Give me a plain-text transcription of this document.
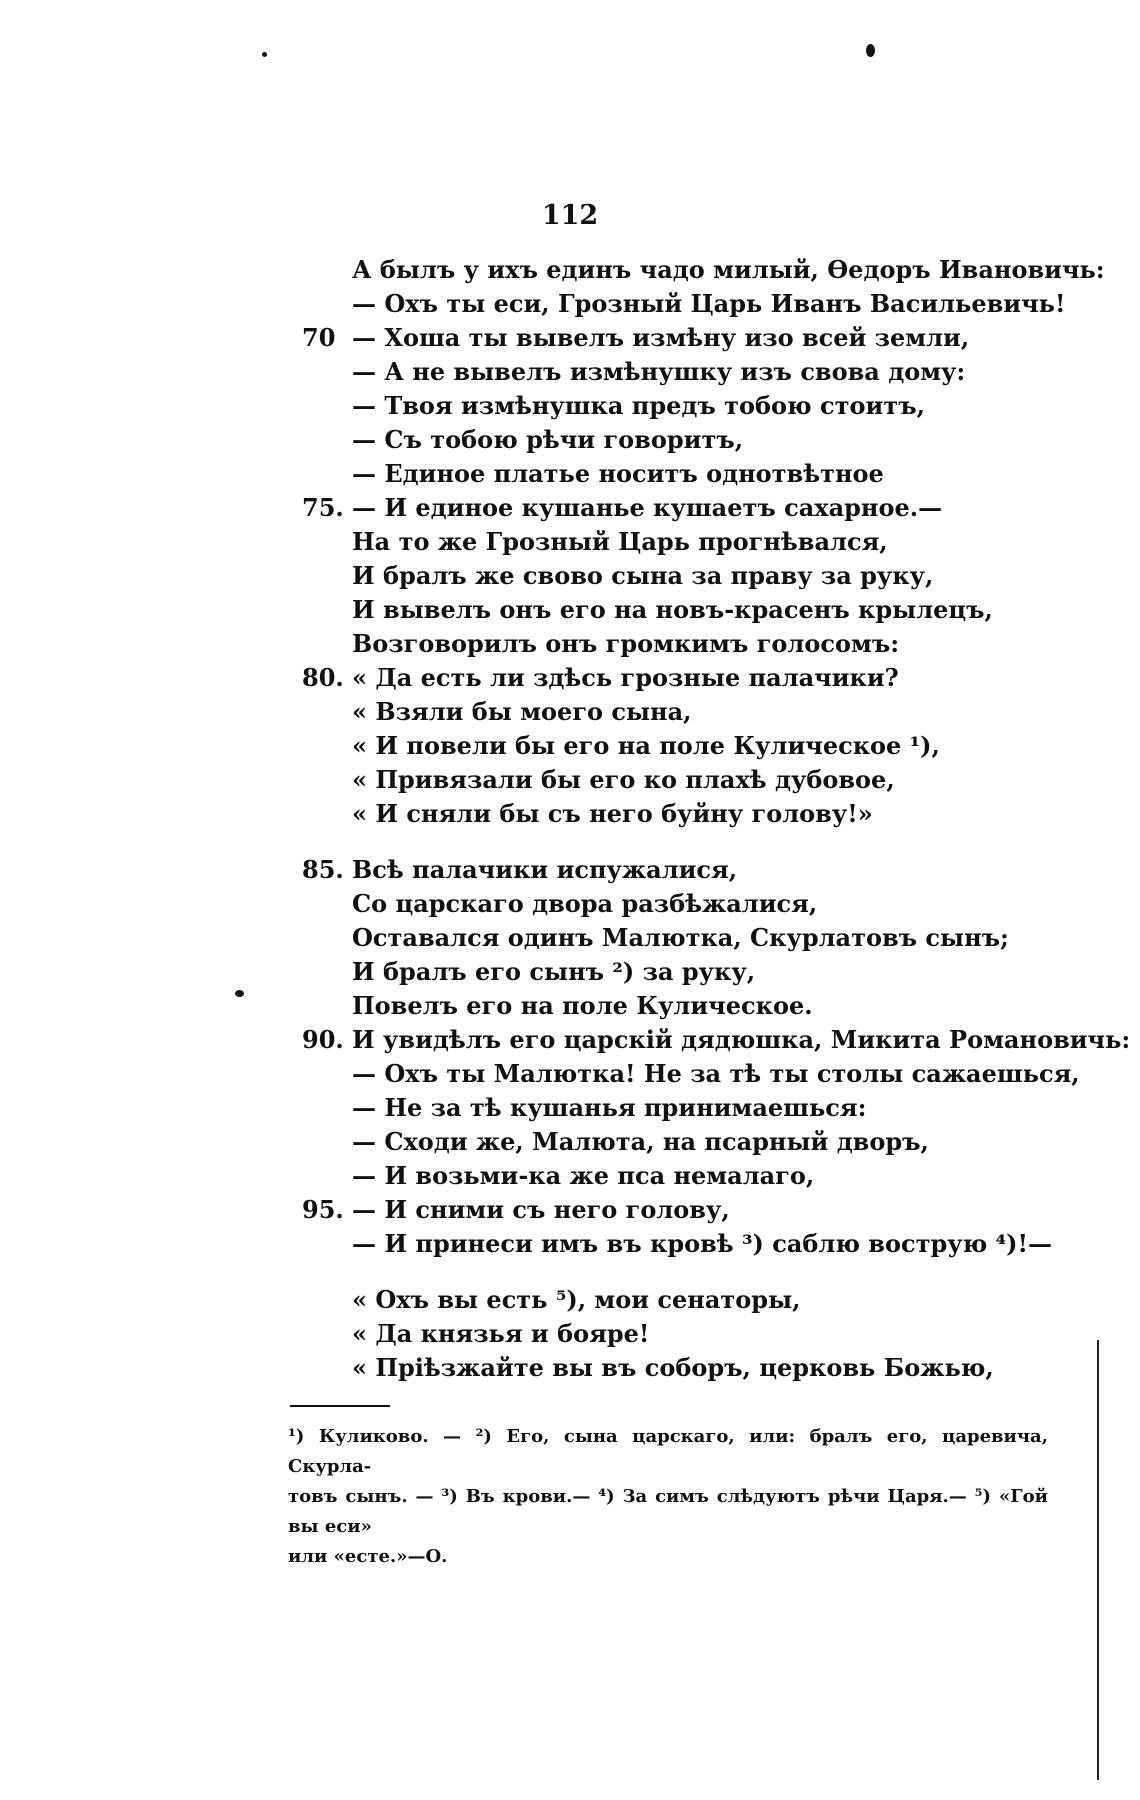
112
А былъ у ихъ единъ чадо милый, Өедоръ Ивановичь:
— Охъ ты еси, Грозный Царь Иванъ Васильевичь!
70 — Хоша ты вывелъ измѣну изо всей земли,
— А не вывелъ измѣнушку изъ свова дому:
— Твоя измѣнушка предъ тобою стоитъ,
— Съ тобою рѣчи говоритъ,
— Единое платье носитъ однотвѣтное
75. — И единое кушанье кушаетъ сахарное.—
На то же Грозный Царь прогнѣвался,
И бралъ же свово сына за праву за руку,
И вывелъ онъ его на новъ-красенъ крылецъ,
Возговорилъ онъ громкимъ голосомъ:
80. « Да есть ли здѣсь грозные палачики?
« Взяли бы моего сына,
« И повели бы его на поле Кулическое ¹),
« Привязали бы его ко плахѣ дубовое,
« И сняли бы съ него буйну голову!»
85. Всѣ палачики испужалися,
Со царскаго двора разбѣжалися,
Оставался одинъ Малютка, Скурлатовъ сынъ;
И бралъ его сынъ ²) за руку,
Повелъ его на поле Кулическое.
90. И увидѣлъ его царскій дядюшка, Микита Романовичь:
— Охъ ты Малютка! Не за тѣ ты столы сажаешься,
— Не за тѣ кушанья принимаешься:
— Сходи же, Малюта, на псарный дворъ,
— И возьми-ка же пса немалаго,
95. — И сними съ него голову,
— И принеси имъ въ кровѣ ³) саблю вострую ⁴)!—
« Охъ вы есть ⁵), мои сенаторы,
« Да князья и бояре!
« Пріѣзжайте вы въ соборъ, церковь Божью,
¹) Куликово. — ²) Его, сына царскаго, или: бралъ его, царевича, Скурла-
товъ сынъ. — ³) Въ крови.— ⁴) За симъ слѣдуютъ рѣчи Царя.— ⁵) «Гой вы еси»
или «есте.»—О.
